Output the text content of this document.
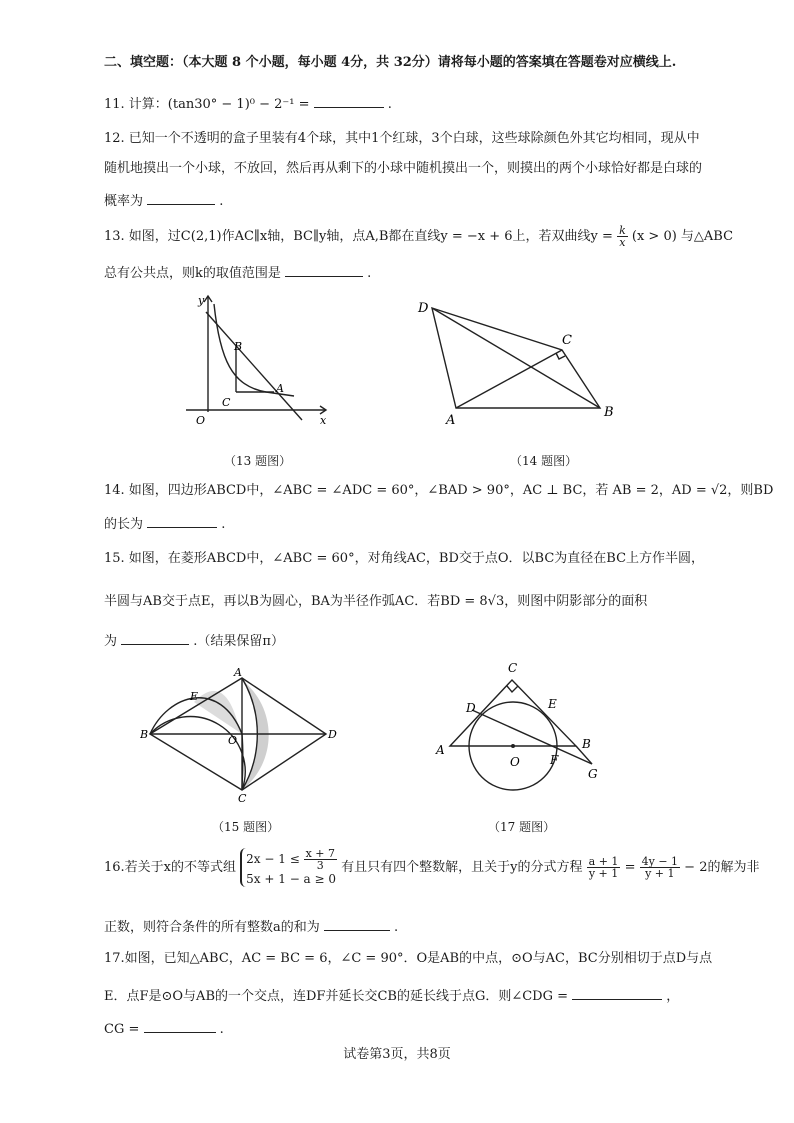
二、填空题：（本大题 8 个小题，每小题 4分，共 32分）请将每小题的答案填在答题卷对应横线上.
11. 计算：(tan30° − 1)⁰ − 2⁻¹ =	.
12. 已知一个不透明的盒子里装有4个球，其中1个红球，3个白球，这些球除颜色外其它均相同，现从中
随机地摸出一个小球，不放回，然后再从剩下的小球中随机摸出一个，则摸出的两个小球恰好都是白球的
概率为	.
13. 如图，过C(2,1)作AC∥x轴，BC∥y轴，点A,B都在直线y = −x + 6上，若双曲线$y = \frac{k}{x} (x > 0)$ 与△ABC
总有公共点，则k的取值范围是	.
y
x
O
B
C
A
D
C
A
B
（13 题图）	（14 题图）
14. 如图，四边形ABCD中，∠ABC = ∠ADC = 60°，∠BAD > 90°，AC ⊥ BC，若 AB = 2，AD = √2，则BD
的长为	.
15. 如图，在菱形ABCD中，∠ABC = 60°，对角线AC，BD交于点O．以BC为直径在BC上方作半圆，
半圆与AB交于点E，再以B为圆心，BA为半径作弧AC．若BD = 8√3，则图中阴影部分的面积
为	.（结果保留π）
A
B
C
D
E
O
C
D	E
A	B
F
G
O
（15 题图）	（17 题图）
16.若关于x的不等式组
$2x - 1 \le \frac{x + 7}{3}$
5x + 1 − a ≥ 0
有且只有四个整数解，且关于y的分式方程 $\frac{a + 1}{y + 1} = \frac{4y - 1}{y + 1} - 2$的解为非
正数，则符合条件的所有整数a的和为	.
17.如图，已知△ABC，AC = BC = 6，∠C = 90°．O是AB的中点，⊙O与AC，BC分别相切于点D与点
E．点F是⊙O与AB的一个交点，连DF并延长交CB的延长线于点G．则∠CDG =	，
CG =	.
试卷第3页，共8页
